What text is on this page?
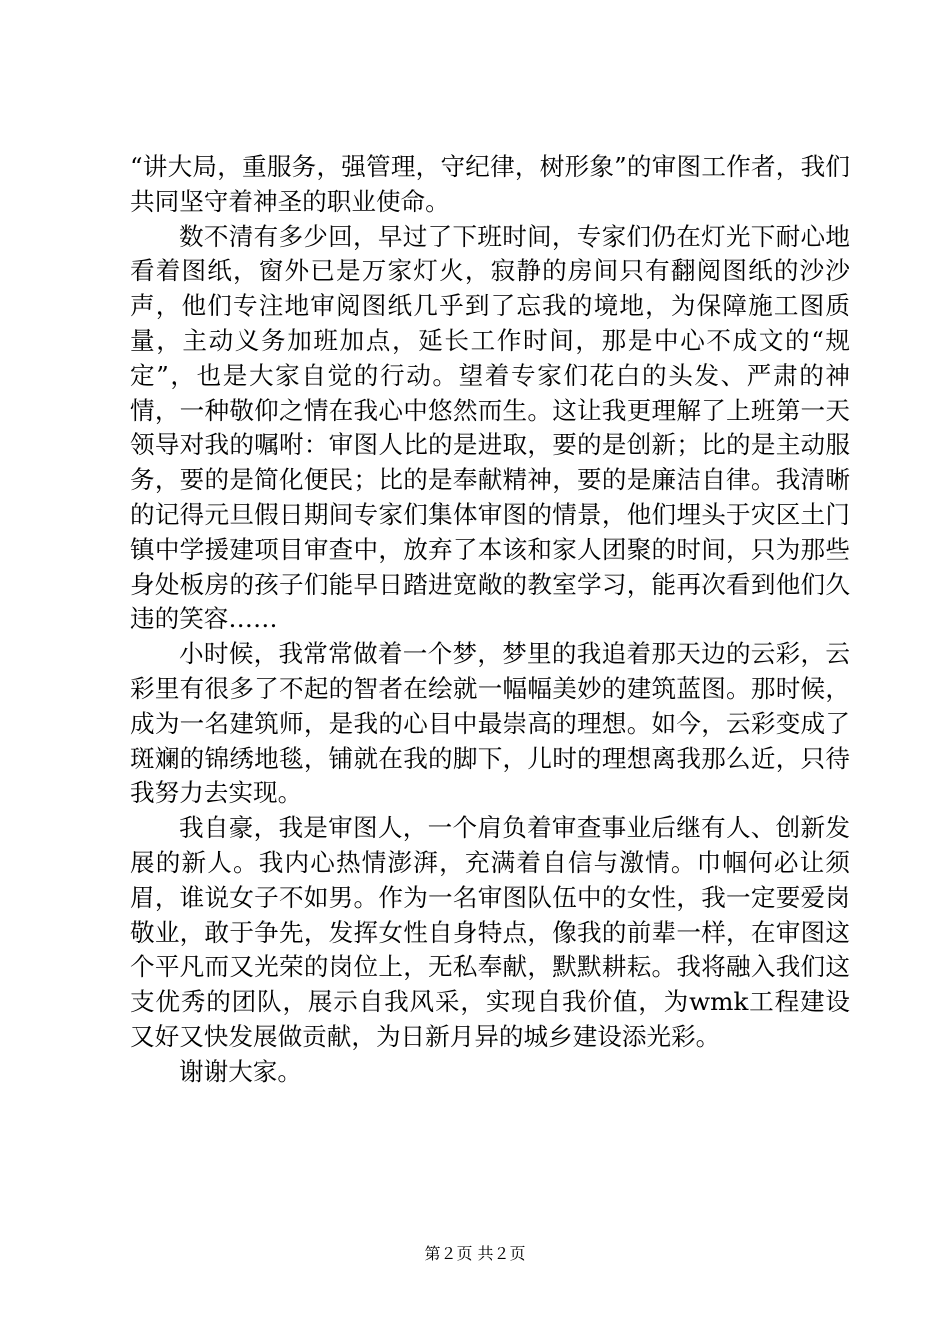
“讲大局，重服务，强管理，守纪律，树形象”的审图工作者，我们共同坚守着神圣的职业使命。

数不清有多少回，早过了下班时间，专家们仍在灯光下耐心地看着图纸，窗外已是万家灯火，寂静的房间只有翻阅图纸的沙沙声，他们专注地审阅图纸几乎到了忘我的境地，为保障施工图质量，主动义务加班加点，延长工作时间，那是中心不成文的“规定”，也是大家自觉的行动。望着专家们花白的头发、严肃的神情，一种敬仰之情在我心中悠然而生。这让我更理解了上班第一天领导对我的嘱咐：审图人比的是进取，要的是创新；比的是主动服务，要的是简化便民；比的是奉献精神，要的是廉洁自律。我清晰的记得元旦假日期间专家们集体审图的情景，他们埋头于灾区土门镇中学援建项目审查中，放弃了本该和家人团聚的时间，只为那些身处板房的孩子们能早日踏进宽敞的教室学习，能再次看到他们久违的笑容……

小时候，我常常做着一个梦，梦里的我追着那天边的云彩，云彩里有很多了不起的智者在绘就一幅幅美妙的建筑蓝图。那时候，成为一名建筑师，是我的心目中最崇高的理想。如今，云彩变成了斑斓的锦绣地毯，铺就在我的脚下，儿时的理想离我那么近，只待我努力去实现。

我自豪，我是审图人，一个肩负着审查事业后继有人、创新发展的新人。我内心热情澎湃，充满着自信与激情。巾帼何必让须眉，谁说女子不如男。作为一名审图队伍中的女性，我一定要爱岗敬业，敢于争先，发挥女性自身特点，像我的前辈一样，在审图这个平凡而又光荣的岗位上，无私奉献，默默耕耘。我将融入我们这支优秀的团队，展示自我风采，实现自我价值，为wmk工程建设又好又快发展做贡献，为日新月异的城乡建设添光彩。

谢谢大家。

第２页 共２页
